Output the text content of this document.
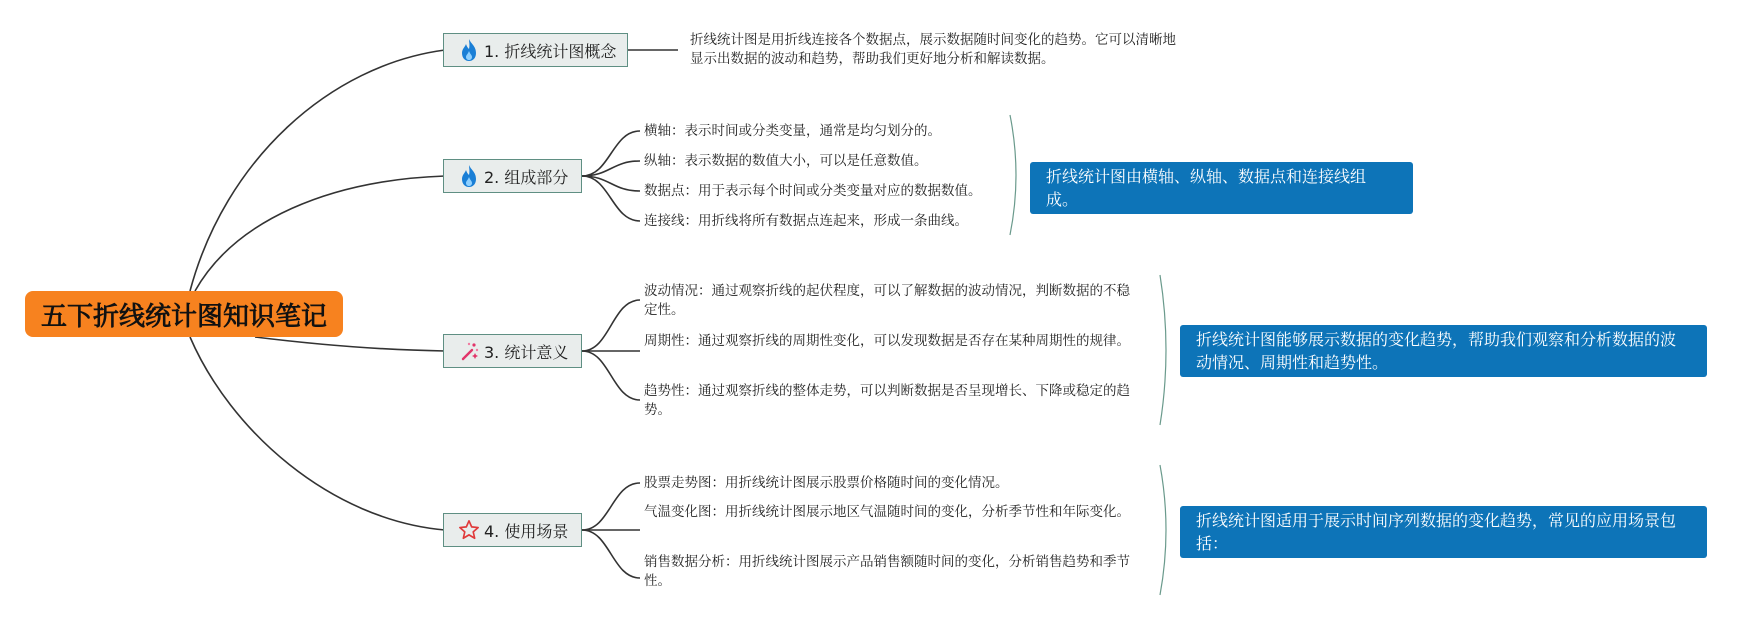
五下折线统计图知识笔记
1. 折线统计图概念
折线统计图是用折线连接各个数据点，展示数据随时间变化的趋势。它可以清晰地显示出数据的波动和趋势，帮助我们更好地分析和解读数据。
2. 组成部分
横轴：表示时间或分类变量，通常是均匀划分的。
纵轴：表示数据的数值大小，可以是任意数值。
数据点：用于表示每个时间或分类变量对应的数据数值。
连接线：用折线将所有数据点连起来，形成一条曲线。
折线统计图由横轴、纵轴、数据点和连接线组成。
3. 统计意义
波动情况：通过观察折线的起伏程度，可以了解数据的波动情况，判断数据的不稳定性。
周期性：通过观察折线的周期性变化，可以发现数据是否存在某种周期性的规律。
趋势性：通过观察折线的整体走势，可以判断数据是否呈现增长、下降或稳定的趋势。
折线统计图能够展示数据的变化趋势，帮助我们观察和分析数据的波动情况、周期性和趋势性。
4. 使用场景
股票走势图：用折线统计图展示股票价格随时间的变化情况。
气温变化图：用折线统计图展示地区气温随时间的变化，分析季节性和年际变化。
销售数据分析：用折线统计图展示产品销售额随时间的变化，分析销售趋势和季节性。
折线统计图适用于展示时间序列数据的变化趋势，常见的应用场景包括：
